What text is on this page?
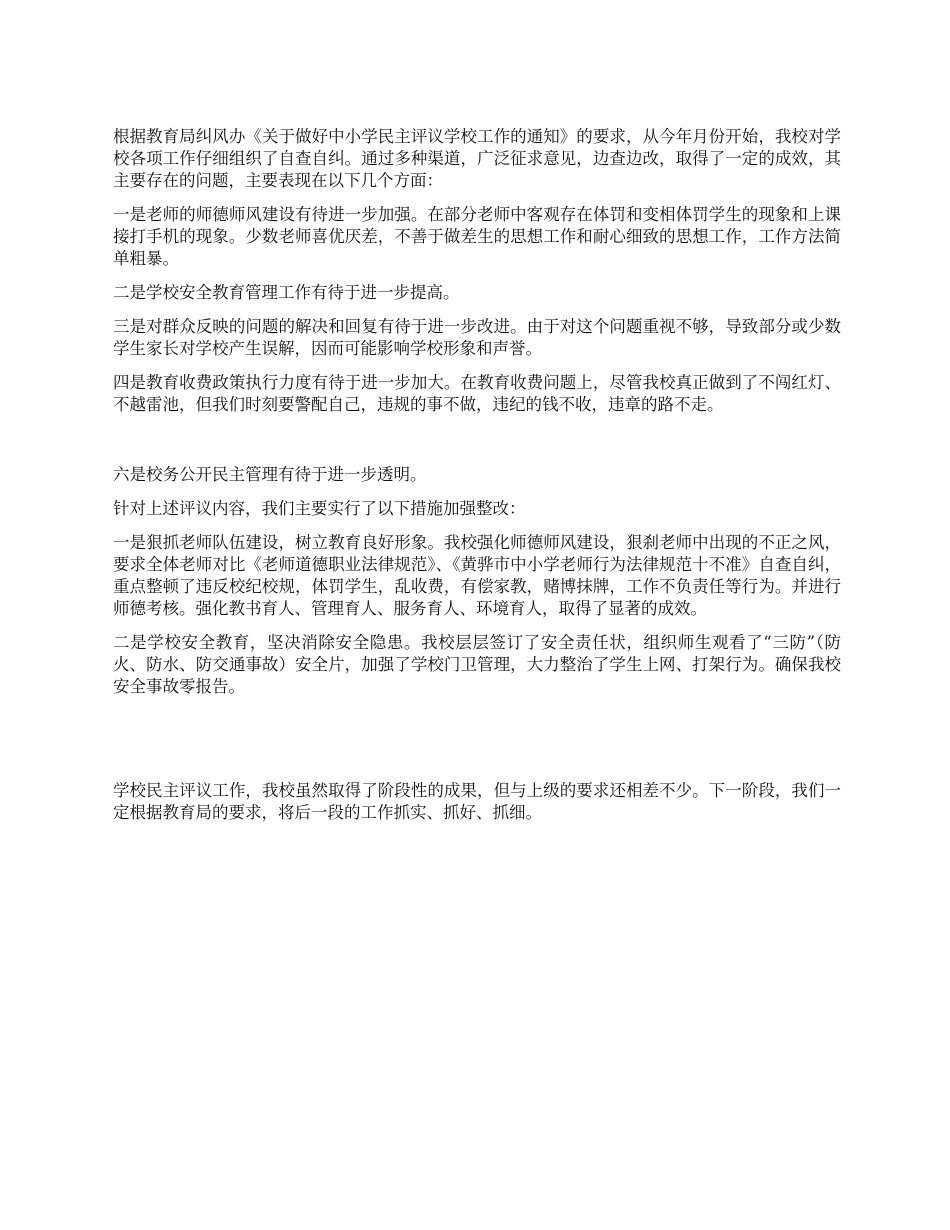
根据教育局纠风办《关于做好中小学民主评议学校工作的通知》的要求，从今年月份开始，我校对学校各项工作仔细组织了自查自纠。通过多种渠道，广泛征求意见，边查边改，取得了一定的成效，其主要存在的问题，主要表现在以下几个方面：

一是老师的师德师风建设有待进一步加强。在部分老师中客观存在体罚和变相体罚学生的现象和上课接打手机的现象。少数老师喜优厌差，不善于做差生的思想工作和耐心细致的思想工作，工作方法简单粗暴。

二是学校安全教育管理工作有待于进一步提高。

三是对群众反映的问题的解决和回复有待于进一步改进。由于对这个问题重视不够，导致部分或少数学生家长对学校产生误解，因而可能影响学校形象和声誉。

四是教育收费政策执行力度有待于进一步加大。在教育收费问题上，尽管我校真正做到了不闯红灯、不越雷池，但我们时刻要警配自己，违规的事不做，违纪的钱不收，违章的路不走。

六是校务公开民主管理有待于进一步透明。

针对上述评议内容，我们主要实行了以下措施加强整改：

一是狠抓老师队伍建设，树立教育良好形象。我校强化师德师风建设，狠刹老师中出现的不正之风，要求全体老师对比《老师道德职业法律规范》、《黄骅市中小学老师行为法律规范十不准》自查自纠，重点整顿了违反校纪校规，体罚学生，乱收费，有偿家教，赌博抹牌，工作不负责任等行为。并进行师德考核。强化教书育人、管理育人、服务育人、环境育人，取得了显著的成效。

二是学校安全教育，坚决消除安全隐患。我校层层签订了安全责任状，组织师生观看了“三防”（防火、防水、防交通事故）安全片，加强了学校门卫管理，大力整治了学生上网、打架行为。确保我校安全事故零报告。

学校民主评议工作，我校虽然取得了阶段性的成果，但与上级的要求还相差不少。下一阶段，我们一定根据教育局的要求，将后一段的工作抓实、抓好、抓细。
